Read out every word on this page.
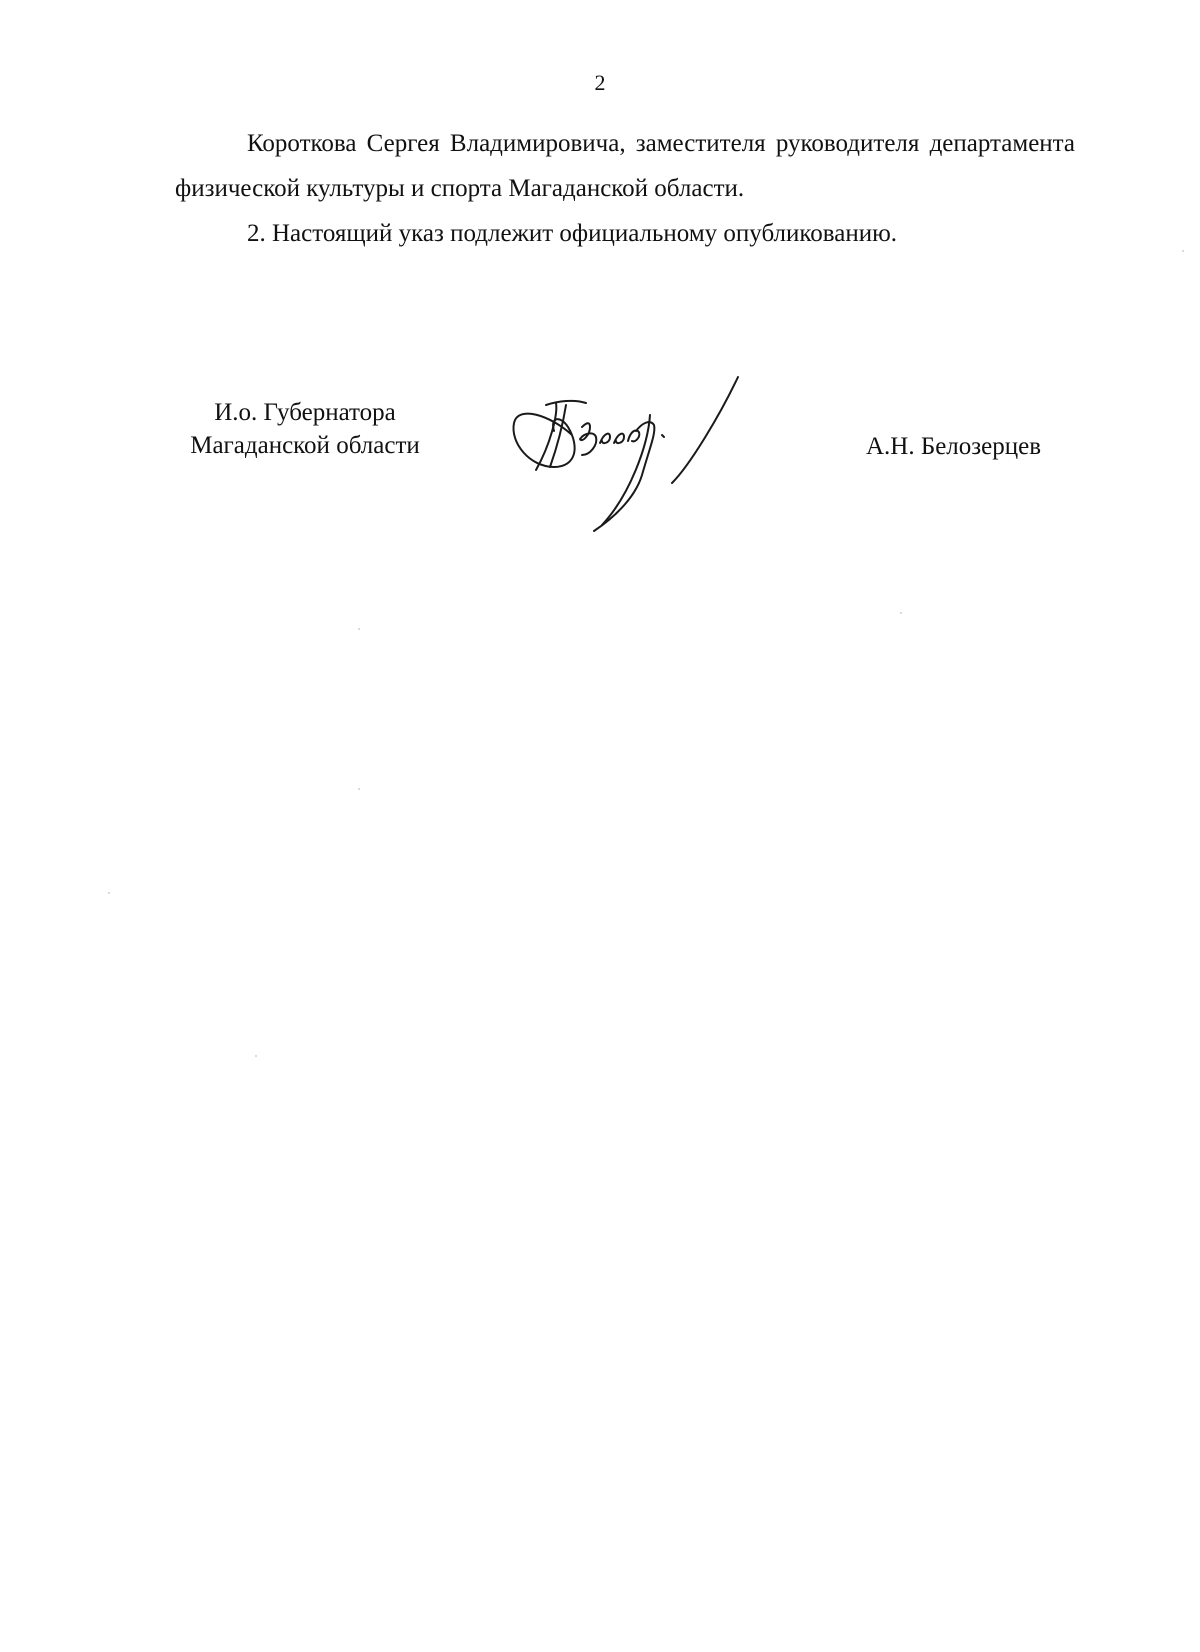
2

Короткова Сергея Владимировича, заместителя руководителя департамента физической культуры и спорта Магаданской области.

2. Настоящий указ подлежит официальному опубликованию.

И.о. Губернатора
Магаданской области	А.Н. Белозерцев
